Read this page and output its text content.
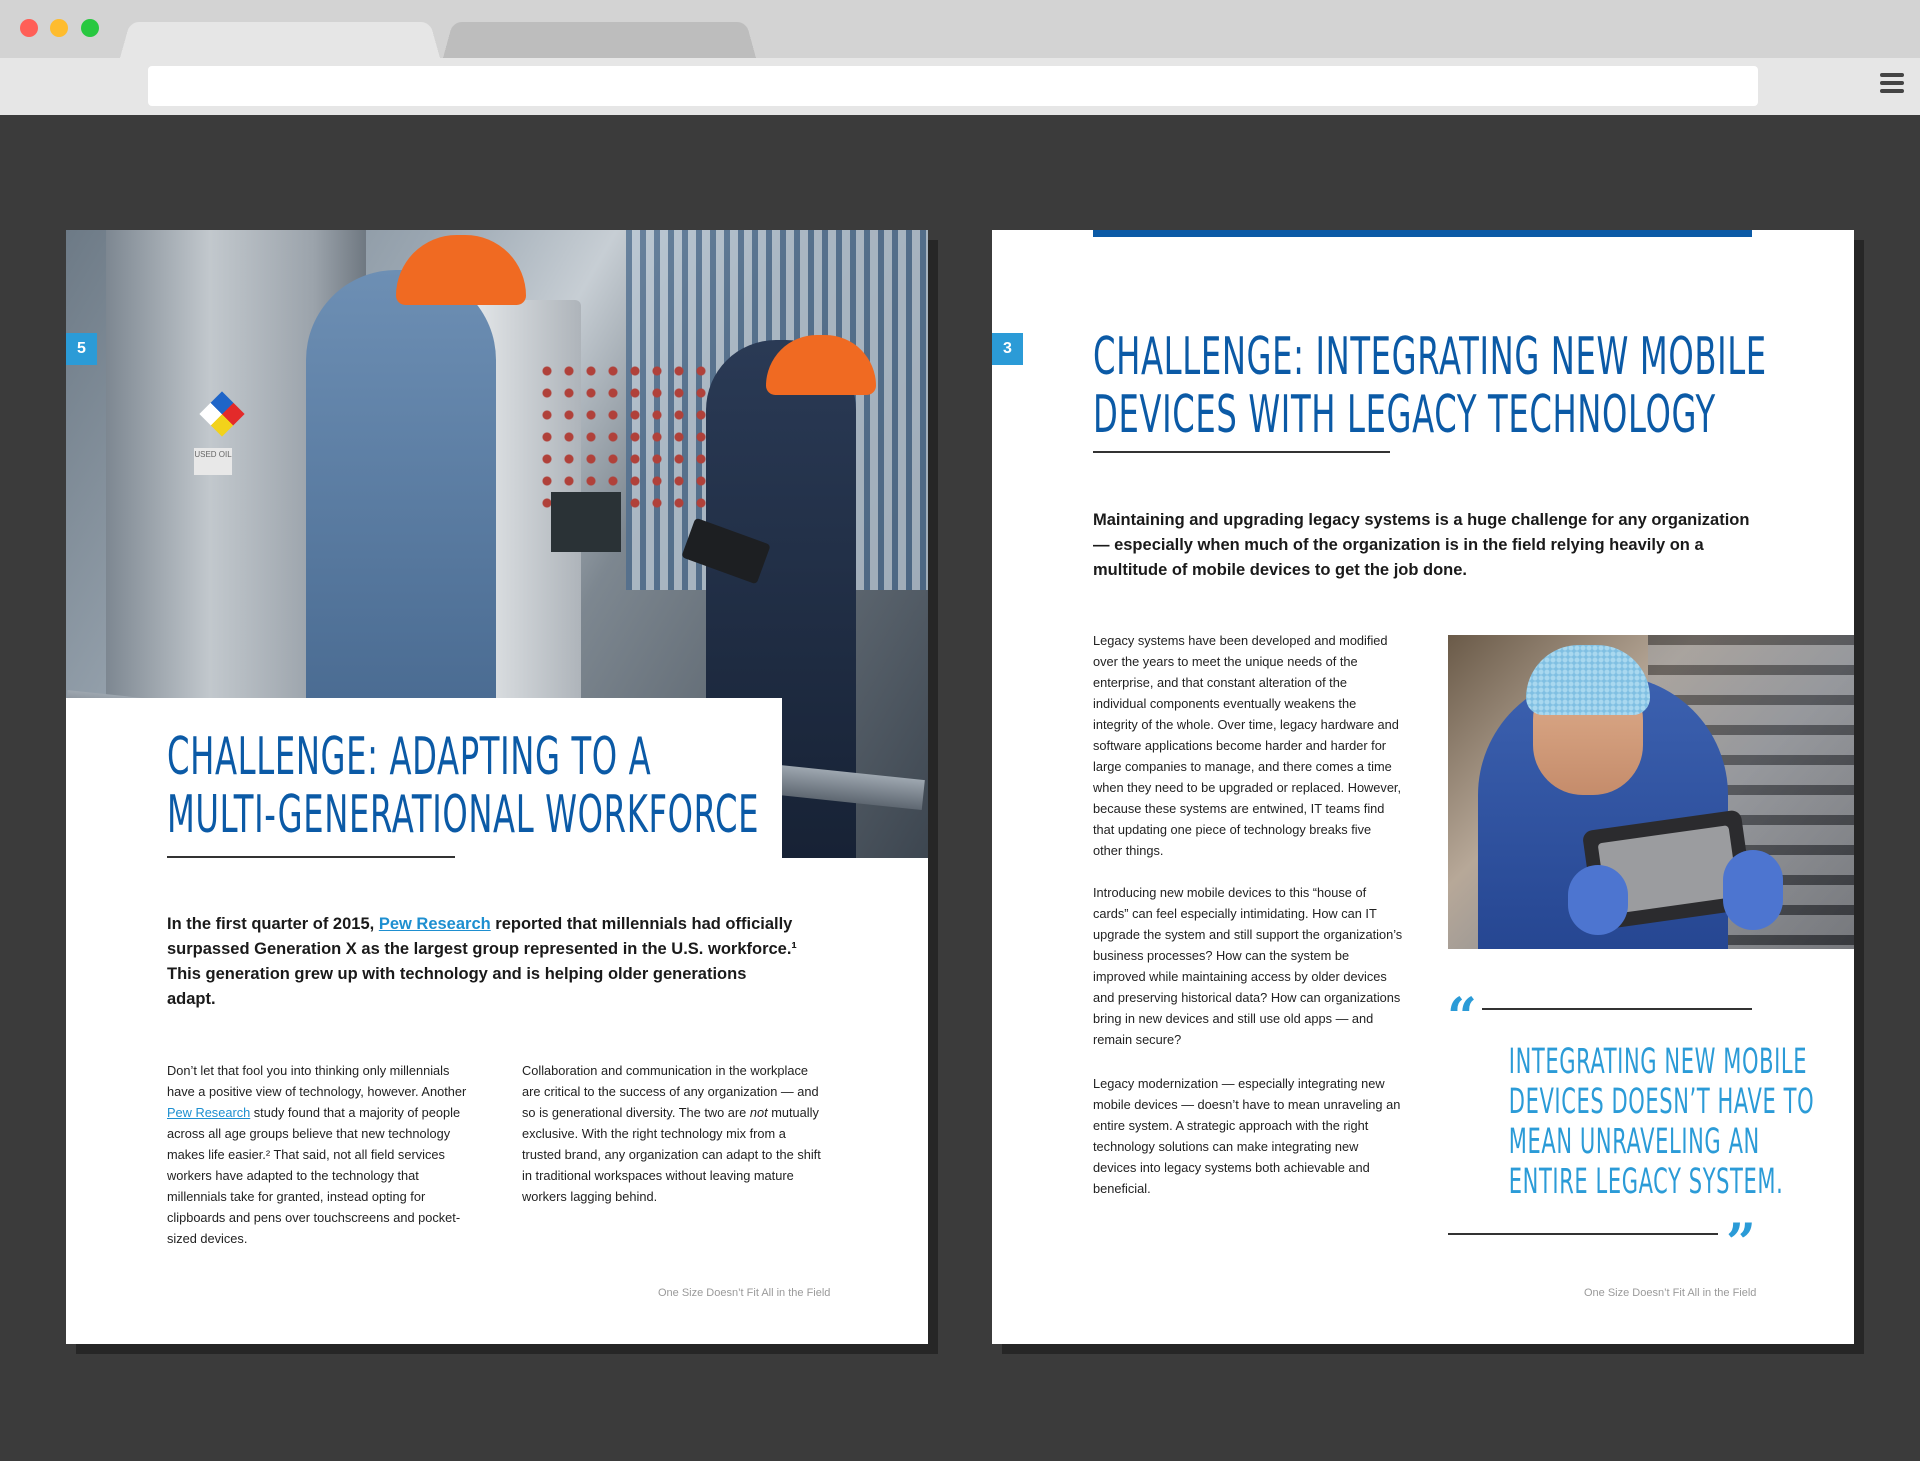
USED OIL
5
CHALLENGE: ADAPTING TO A
MULTI-GENERATIONAL WORKFORCE

In the first quarter of 2015, Pew Research reported that millennials had officially surpassed Generation X as the largest group represented in the U.S. workforce.¹ This generation grew up with technology and is helping older generations adapt.

Don’t let that fool you into thinking only millennials have a positive view of technology, however. Another Pew Research study found that a majority of people across all age groups believe that new technology makes life easier.² That said, not all field services workers have adapted to the technology that millennials take for granted, instead opting for clipboards and pens over touchscreens and pocket-sized devices.

Collaboration and communication in the workplace are critical to the success of any organization — and so is generational diversity. The two are not mutually exclusive. With the right technology mix from a trusted brand, any organization can adapt to the shift in traditional workspaces without leaving mature workers lagging behind.

One Size Doesn’t Fit All in the Field
3 CHALLENGE: INTEGRATING NEW MOBILE
DEVICES WITH LEGACY TECHNOLOGY

Maintaining and upgrading legacy systems is a huge challenge for any organization — especially when much of the organization is in the field relying heavily on a multitude of mobile devices to get the job done.

Legacy systems have been developed and modified over the years to meet the unique needs of the enterprise, and that constant alteration of the individual components eventually weakens the integrity of the whole. Over time, legacy hardware and software applications become harder and harder for large companies to manage, and there comes a time when they need to be upgraded or replaced. However, because these systems are entwined, IT teams find that updating one piece of technology breaks five other things.

Introducing new mobile devices to this “house of cards” can feel especially intimidating. How can IT upgrade the system and still support the organization’s business processes? How can the system be improved while maintaining access by older devices and preserving historical data? How can organizations bring in new devices and still use old apps — and remain secure?

Legacy modernization — especially integrating new mobile devices — doesn’t have to mean unraveling an entire system. A strategic approach with the right technology solutions can make integrating new devices into legacy systems both achievable and beneficial.

“
INTEGRATING NEW MOBILE
DEVICES DOESN’T HAVE TO
MEAN UNRAVELING AN
ENTIRE LEGACY SYSTEM.
”
One Size Doesn’t Fit All in the Field
